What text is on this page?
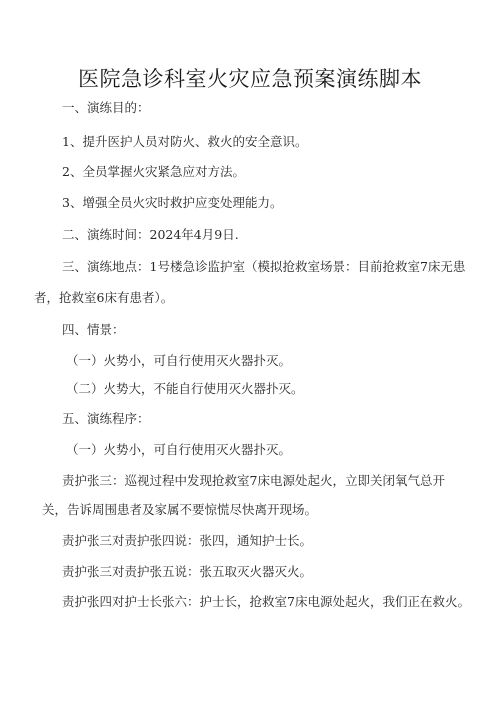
医院急诊科室火灾应急预案演练脚本
一、演练目的：
1、提升医护人员对防火、救火的安全意识。
2、全员掌握火灾紧急应对方法。
3、增强全员火灾时救护应变处理能力。
二、演练时间：2024年4月9日.
三、演练地点：1号楼急诊监护室（模拟抢救室场景：目前抢救室7床无患
者，抢救室6床有患者）。
四、情景：
（一）火势小，可自行使用灭火器扑灭。
（二）火势大，不能自行使用灭火器扑灭。
五、演练程序：
（一）火势小，可自行使用灭火器扑灭。
责护张三：巡视过程中发现抢救室7床电源处起火，立即关闭氧气总开
关，告诉周围患者及家属不要惊慌尽快离开现场。
责护张三对责护张四说：张四，通知护士长。
责护张三对责护张五说：张五取灭火器灭火。
责护张四对护士长张六：护士长，抢救室7床电源处起火，我们正在救火。
